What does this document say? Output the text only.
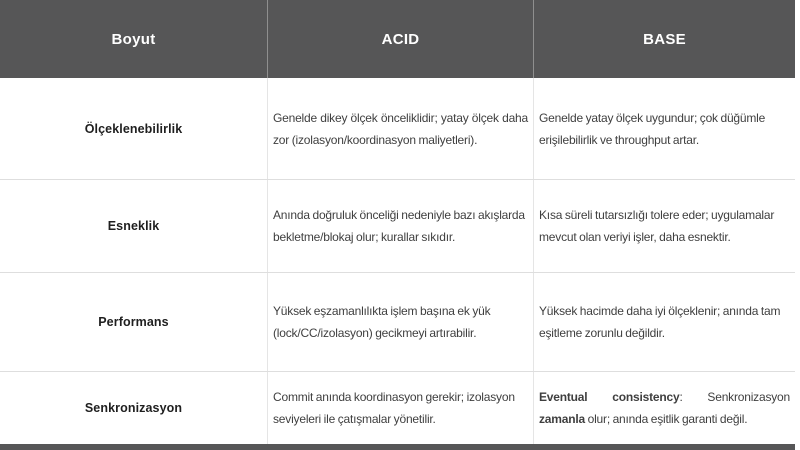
Boyut	ACID	BASE
Ölçeklenebilirlik
Genelde dikey ölçek önceliklidir; yatay ölçek daha zor (izolasyon/koordinasyon maliyetleri).
Genelde yatay ölçek uygundur; çok düğümle erişilebilirlik ve throughput artar.
Esneklik
Anında doğruluk önceliği nedeniyle bazı akışlarda bekletme/blokaj olur; kurallar sıkıdır.
Kısa süreli tutarsızlığı tolere eder; uygulamalar mevcut olan veriyi işler, daha esnektir.
Performans
Yüksek eşzamanlılıkta işlem başına ek yük (lock/CC/izolasyon) gecikmeyi artırabilir.
Yüksek hacimde daha iyi ölçeklenir; anında tam eşitleme zorunlu değildir.
Senkronizasyon
Commit anında koordinasyon gerekir; izolasyon seviyeleri ile çatışmalar yönetilir.
Eventual consistency: Senkronizasyon zamanla olur; anında eşitlik garanti değil.
